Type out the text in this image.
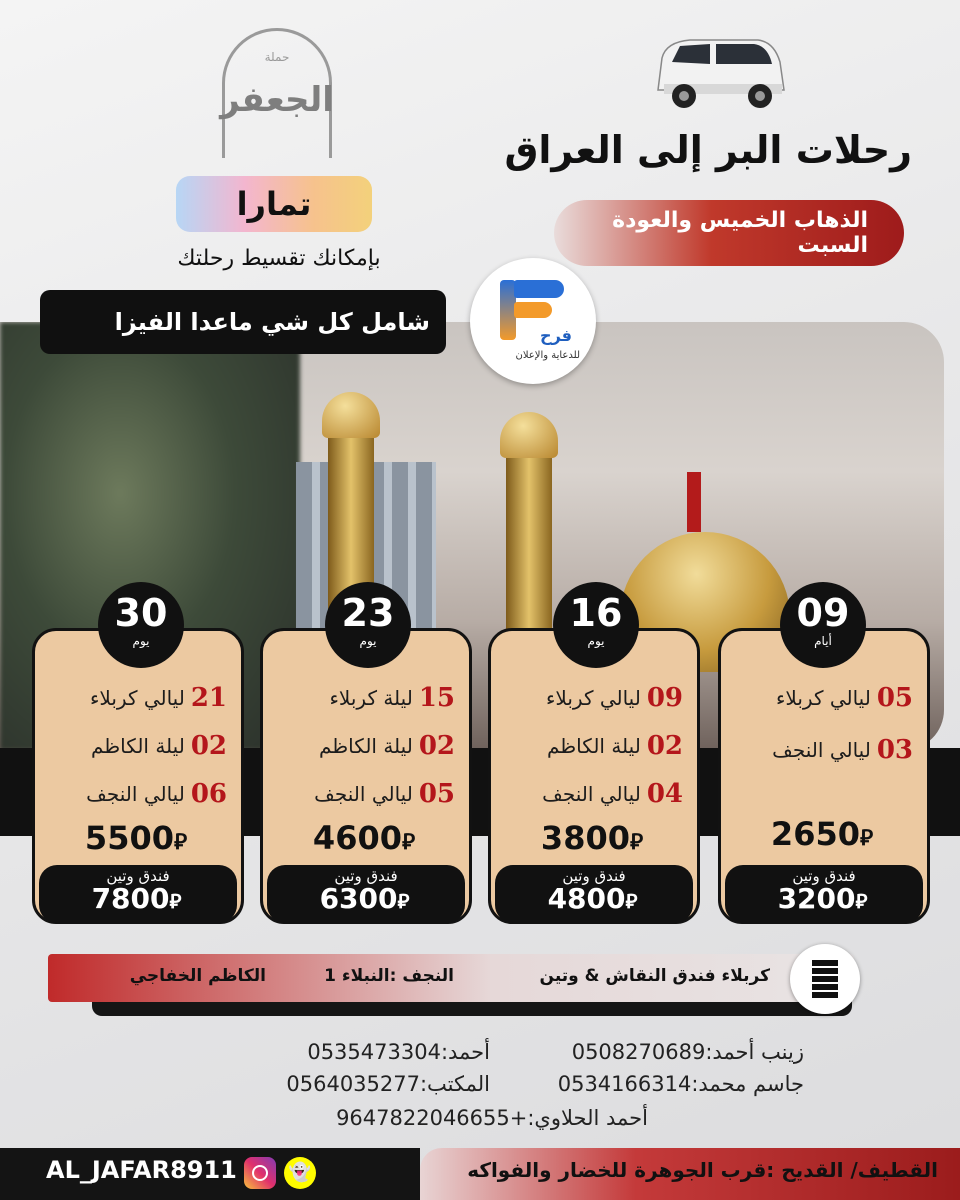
رحلات البر إلى العراق
الذهاب الخميس والعودة السبت
حملة
الجعفر
تمارا
بإمكانك تقسيط رحلتك
شامل كل شي ماعدا الفيزا	فرح
للدعاية والإعلان
05
ليالي كربلاء
03
ليالي النجف
2650⃁
فندق وتين
3200⃁
09
أيام
09
ليالي كربلاء
02
ليلة الكاظم
04
ليالي النجف
3800⃁
فندق وتين
4800⃁
16
يوم
15
ليلة كربلاء
02
ليلة الكاظم
05
ليالي النجف
4600⃁
فندق وتين
6300⃁
23
يوم
21
ليالي كربلاء
02
ليلة الكاظم
06
ليالي النجف
5500⃁
فندق وتين
7800⃁
30
يوم
كربلاء فندق النقاش & وتين
النجف :النبلاء 1
الكاظم الخفاجي
زينب أحمد:0508270689
أحمد:0535473304
جاسم محمد:0534166314
المكتب:0564035277
أحمد الحلاوي:+9647822046655
AL_JAFAR8911	👻	القطيف/ القديح :قرب الجوهرة للخضار والفواكه
